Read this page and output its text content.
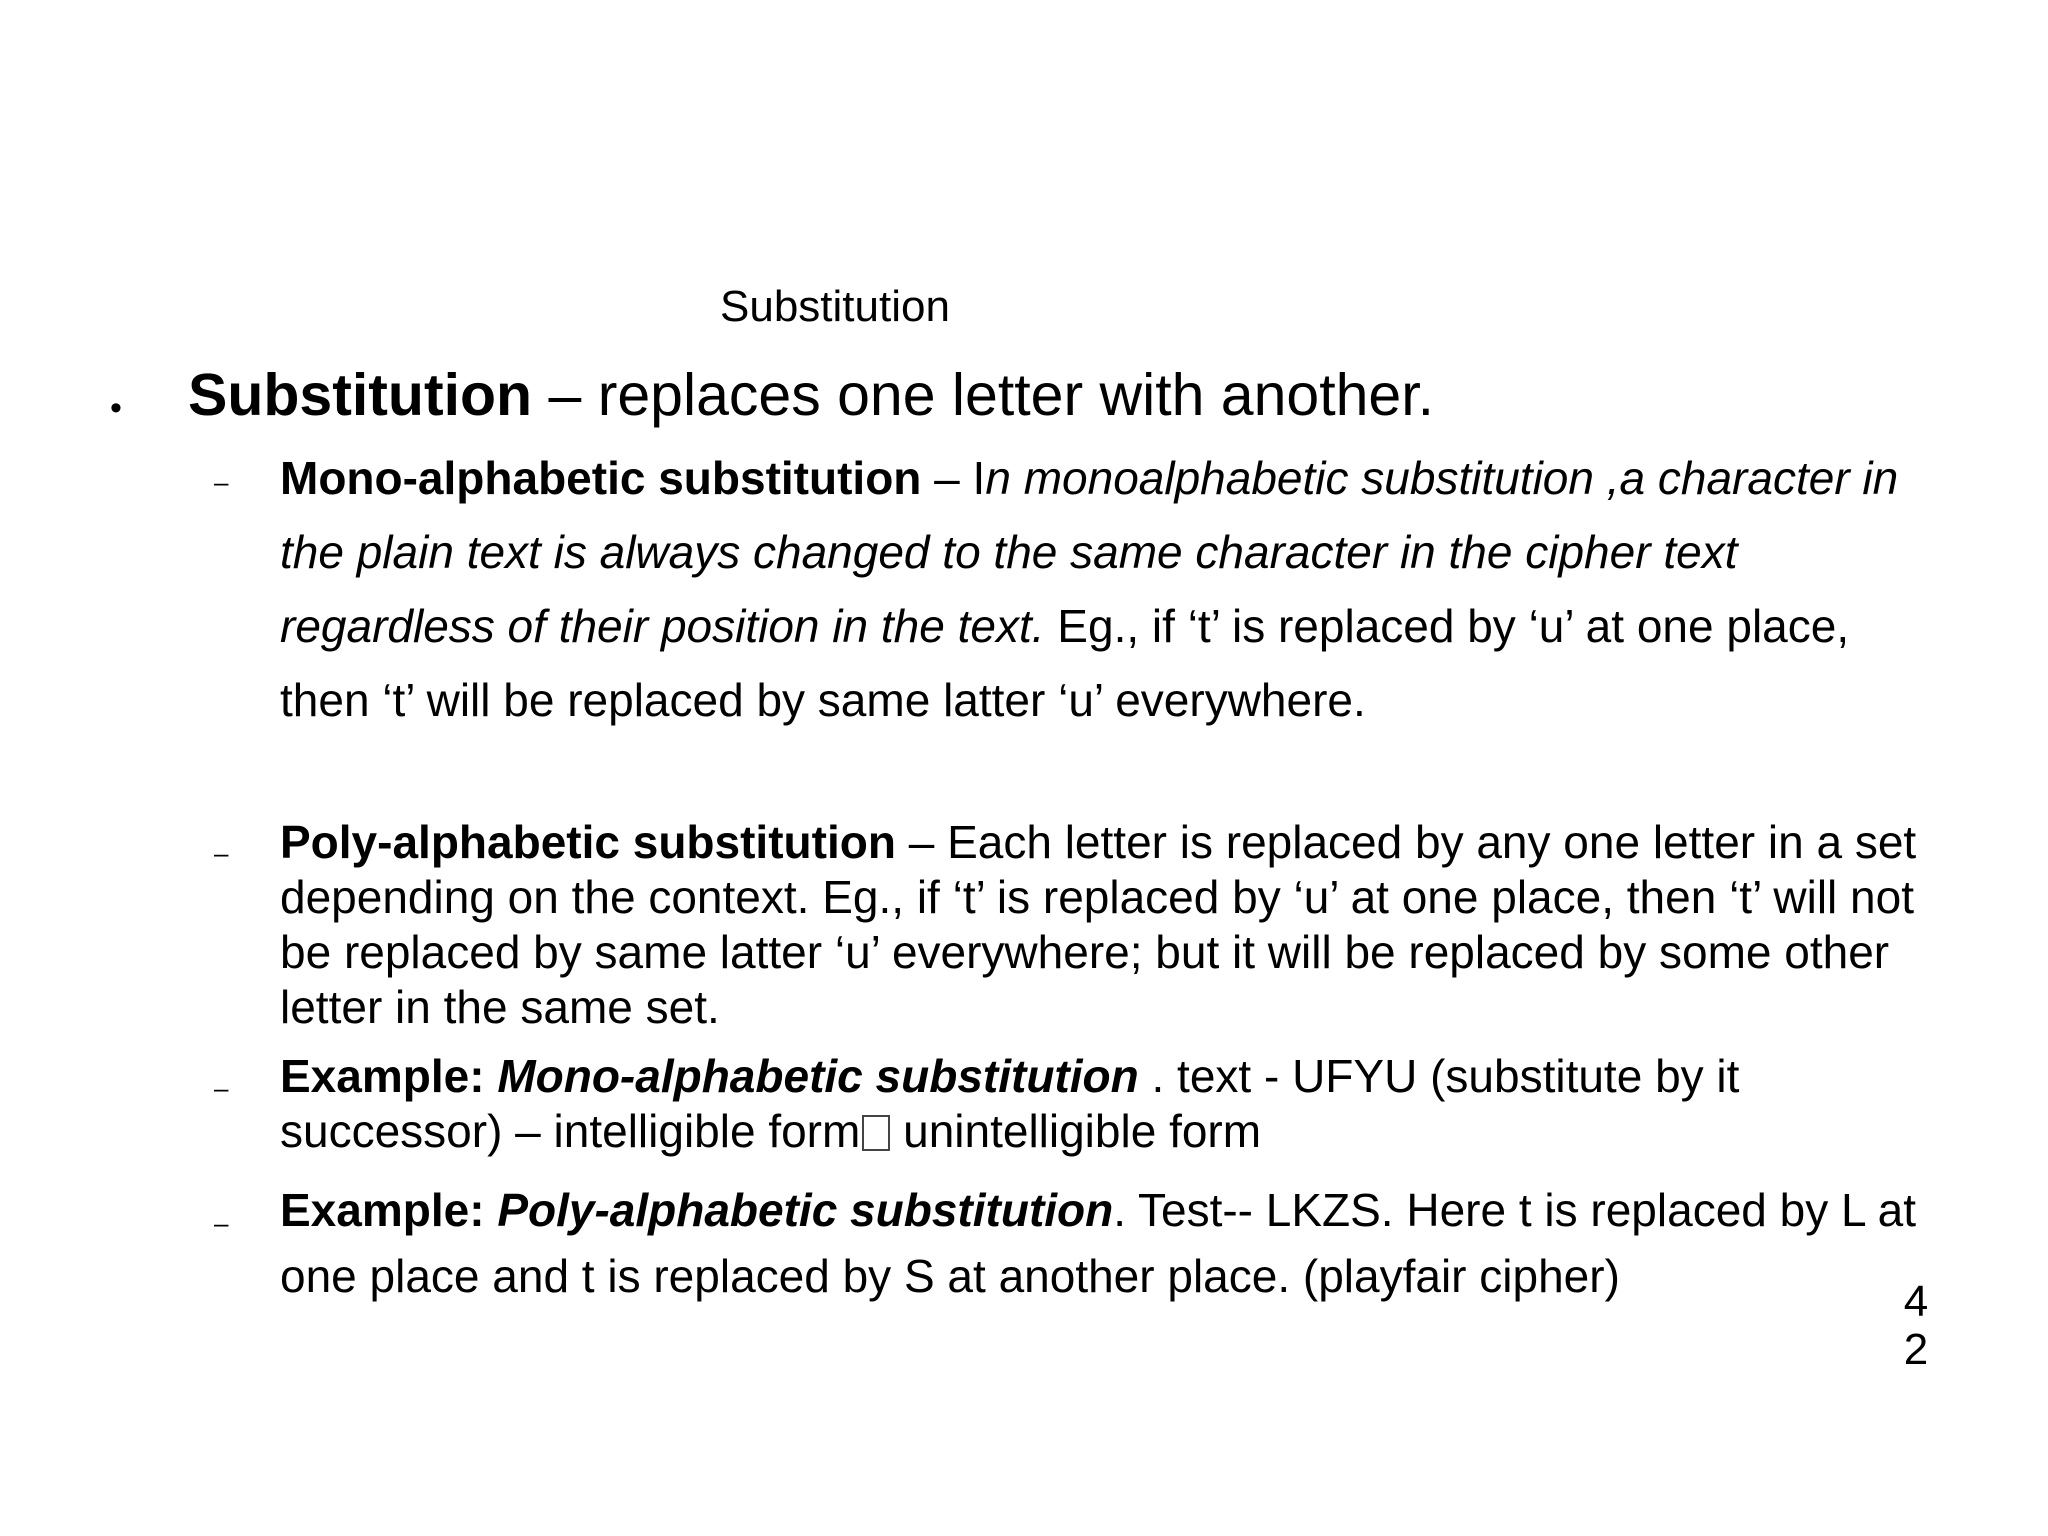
Substitution
• Substitution – replaces one letter with another.
– Mono-alphabetic substitution – In monoalphabetic substitution ,a character in the plain text is always changed to the same character in the cipher text regardless of their position in the text. Eg., if ‘t’ is replaced by ‘u’ at one place, then ‘t’ will be replaced by same latter ‘u’ everywhere.
– Poly-alphabetic substitution – Each letter is replaced by any one letter in a set depending on the context. Eg., if ‘t’ is replaced by ‘u’ at one place, then ‘t’ will not be replaced by same latter ‘u’ everywhere; but it will be replaced by some other letter in the same set.
– Example: Mono-alphabetic substitution . text - UFYU (substitute by it successor) – intelligible form unintelligible form
– Example: Poly-alphabetic substitution. Test-- LKZS. Here t is replaced by L at one place and t is replaced by S at another place. (playfair cipher)	4
2
